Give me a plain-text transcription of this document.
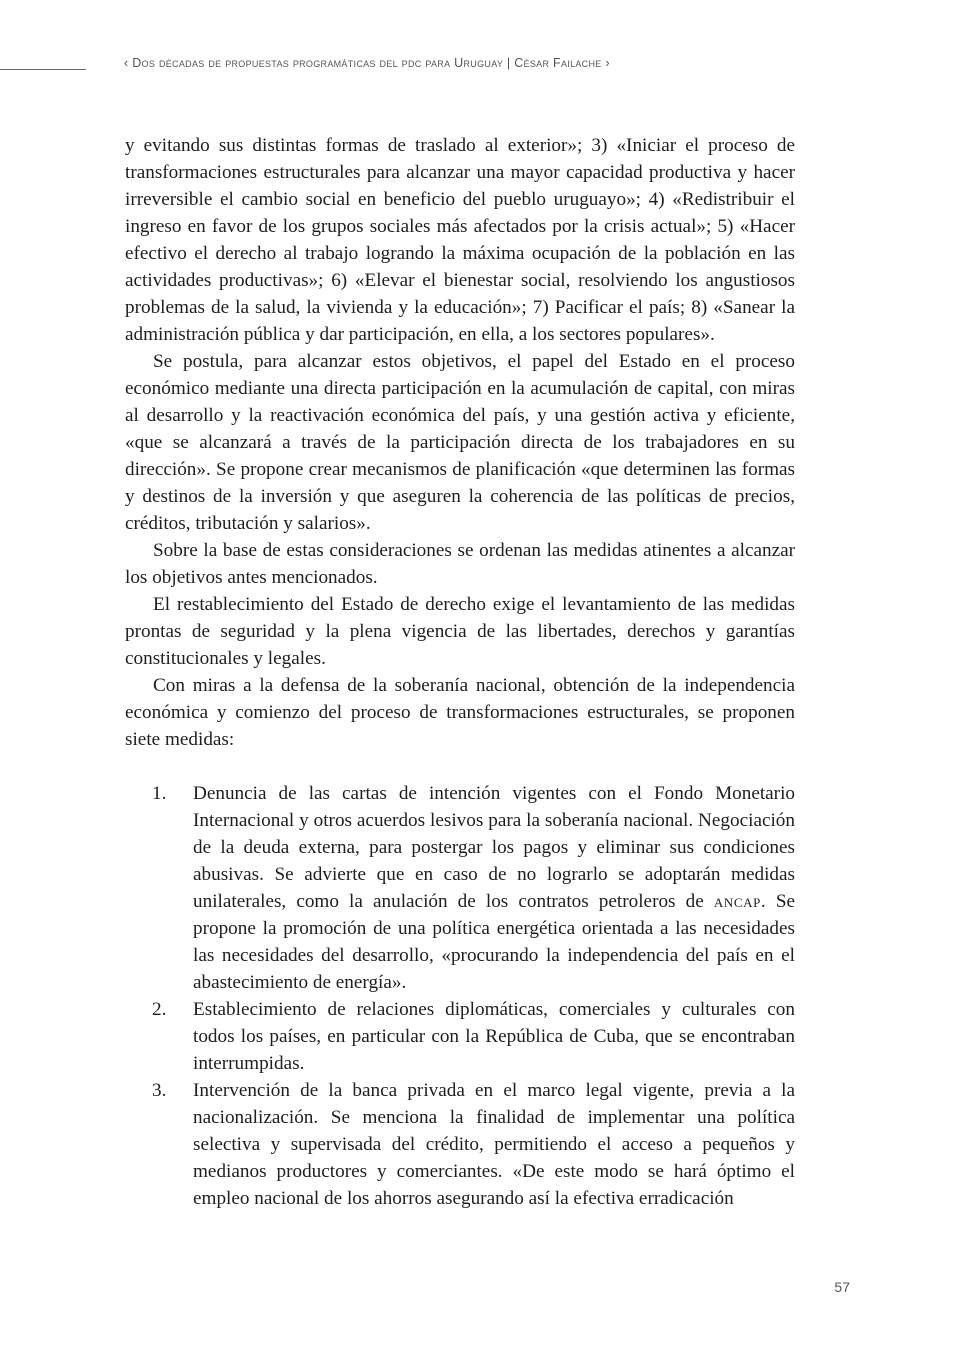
‹ Dos décadas de propuestas programáticas del pdc para Uruguay | César Failache ›

y evitando sus distintas formas de traslado al exterior»; 3) «Iniciar el proceso de transformaciones estructurales para alcanzar una mayor capacidad productiva y hacer irreversible el cambio social en beneficio del pueblo uruguayo»; 4) «Redistribuir el ingreso en favor de los grupos sociales más afectados por la crisis actual»; 5) «Hacer efectivo el derecho al trabajo logrando la máxima ocupación de la población en las actividades productivas»; 6) «Elevar el bienestar social, resolviendo los angustiosos problemas de la salud, la vivienda y la educación»; 7) Pacificar el país; 8) «Sanear la administración pública y dar participación, en ella, a los sectores populares».

Se postula, para alcanzar estos objetivos, el papel del Estado en el proceso económico mediante una directa participación en la acumulación de capital, con miras al desarrollo y la reactivación económica del país, y una gestión activa y eficiente, «que se alcanzará a través de la participación directa de los trabajadores en su dirección». Se propone crear mecanismos de planificación «que determinen las formas y destinos de la inversión y que aseguren la coherencia de las políticas de precios, créditos, tributación y salarios».

Sobre la base de estas consideraciones se ordenan las medidas atinentes a alcanzar los objetivos antes mencionados.

El restablecimiento del Estado de derecho exige el levantamiento de las medidas prontas de seguridad y la plena vigencia de las libertades, derechos y garantías constitucionales y legales.

Con miras a la defensa de la soberanía nacional, obtención de la independencia económica y comienzo del proceso de transformaciones estructurales, se proponen siete medidas:

1. Denuncia de las cartas de intención vigentes con el Fondo Monetario Internacional y otros acuerdos lesivos para la soberanía nacional. Negociación de la deuda externa, para postergar los pagos y eliminar sus condiciones abusivas. Se advierte que en caso de no lograrlo se adoptarán medidas unilaterales, como la anulación de los contratos petroleros de ancap. Se propone la promoción de una política energética orientada a las necesidades las necesidades del desarrollo, «procurando la independencia del país en el abastecimiento de energía».
2. Establecimiento de relaciones diplomáticas, comerciales y culturales con todos los países, en particular con la República de Cuba, que se encontraban interrumpidas.
3. Intervención de la banca privada en el marco legal vigente, previa a la nacionalización. Se menciona la finalidad de implementar una política selectiva y supervisada del crédito, permitiendo el acceso a pequeños y medianos productores y comerciantes. «De este modo se hará óptimo el empleo nacional de los ahorros asegurando así la efectiva erradicación
57
